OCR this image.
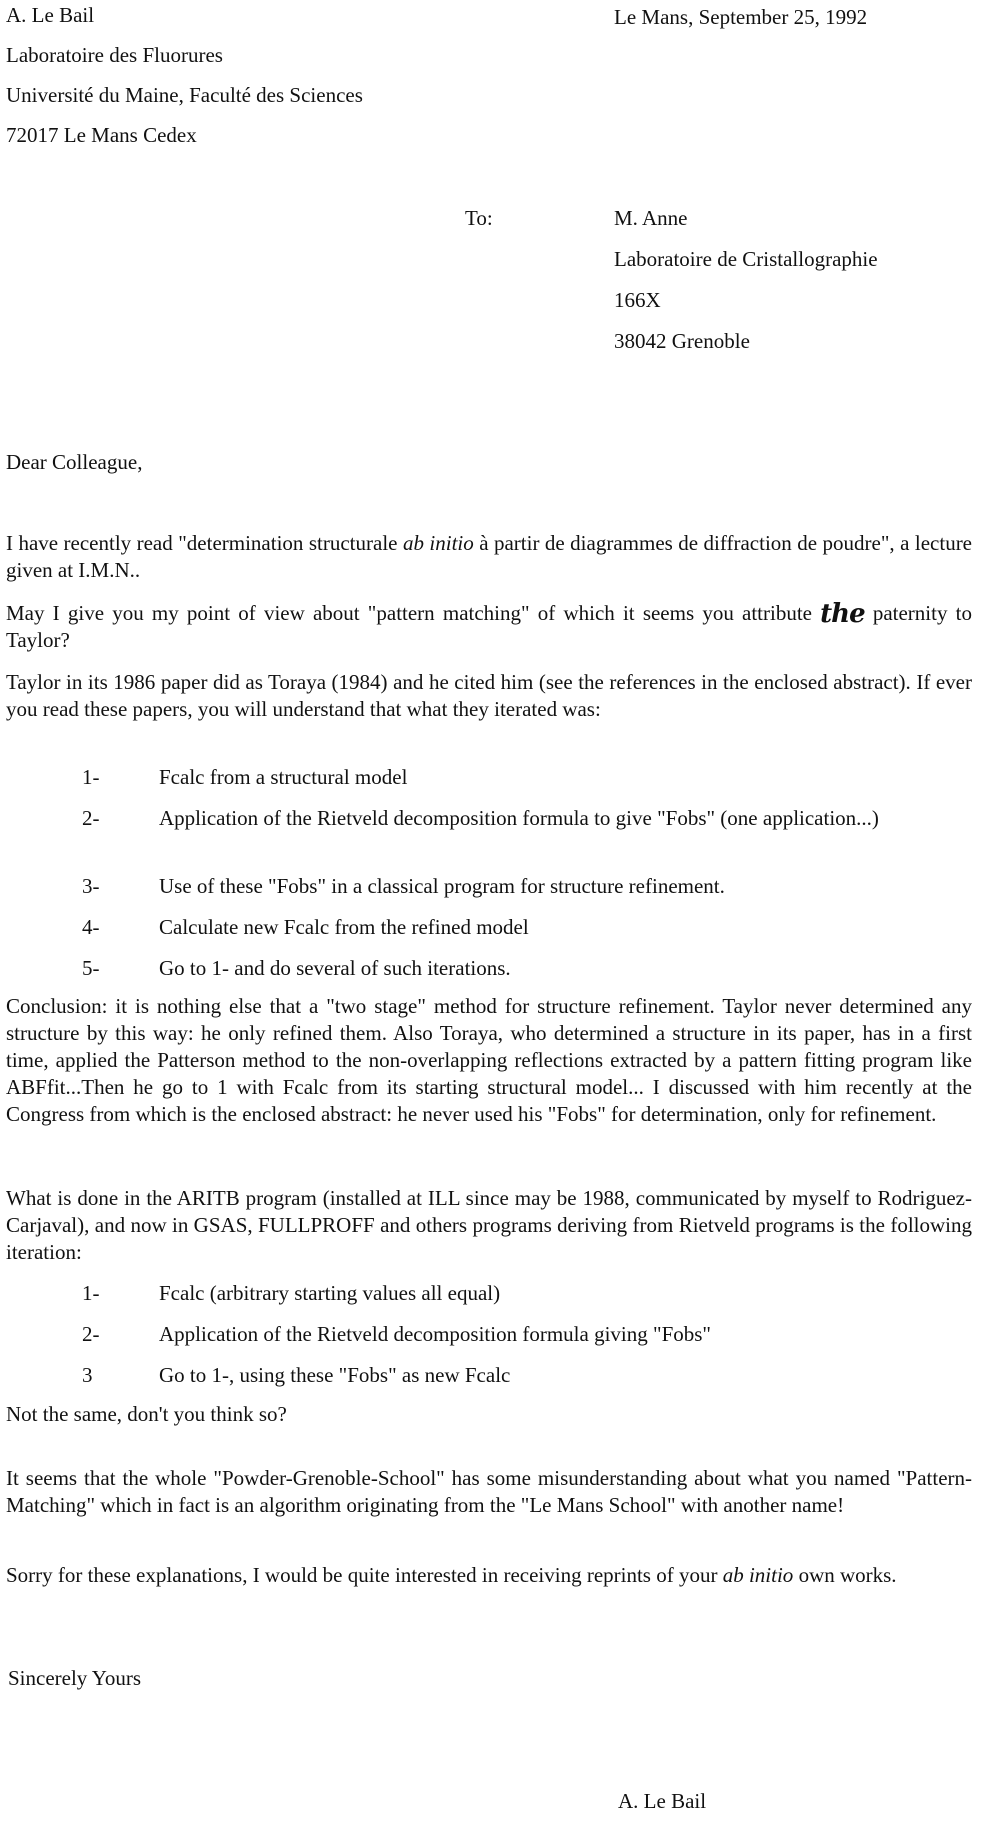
A. Le Bail
Laboratoire des Fluorures
Université du Maine, Faculté des Sciences
72017 Le Mans Cedex
Le Mans, September 25, 1992
To:	M. Anne
Laboratoire de Cristallographie
166X
38042 Grenoble
Dear Colleague,
I have recently read "determination structurale ab initio à partir de diagrammes de diffraction de poudre", a lecture given at I.M.N..
May I give you my point of view about "pattern matching" of which it seems you attribute the paternity to Taylor?
Taylor in its 1986 paper did as Toraya (1984) and he cited him (see the references in the enclosed abstract). If ever you read these papers, you will understand that what they iterated was:
1-	Fcalc from a structural model
2-	Application of the Rietveld decomposition formula to give "Fobs" (one application...)
3-	Use of these "Fobs" in a classical program for structure refinement.
4-	Calculate new Fcalc from the refined model
5-	Go to 1- and do several of such iterations.
Conclusion: it is nothing else that a "two stage" method for structure refinement. Taylor never determined any structure by this way: he only refined them. Also Toraya, who determined a structure in its paper, has in a first time, applied the Patterson method to the non-overlapping reflections extracted by a pattern fitting program like ABFfit...Then he go to 1 with Fcalc from its starting structural model... I discussed with him recently at the Congress from which is the enclosed abstract: he never used his "Fobs" for determination, only for refinement.
What is done in the ARITB program (installed at ILL since may be 1988, communicated by myself to Rodriguez-Carjaval), and now in GSAS, FULLPROFF and others programs deriving from Rietveld programs is the following iteration:
1-	Fcalc (arbitrary starting values all equal)
2-	Application of the Rietveld decomposition formula giving "Fobs"
3	Go to 1-, using these "Fobs" as new Fcalc
Not the same, don't you think so?
It seems that the whole "Powder-Grenoble-School" has some misunderstanding about what you named "Pattern-Matching" which in fact is an algorithm originating from the "Le Mans School" with another name!
Sorry for these explanations, I would be quite interested in receiving reprints of your ab initio own works.
Sincerely Yours
A. Le Bail
